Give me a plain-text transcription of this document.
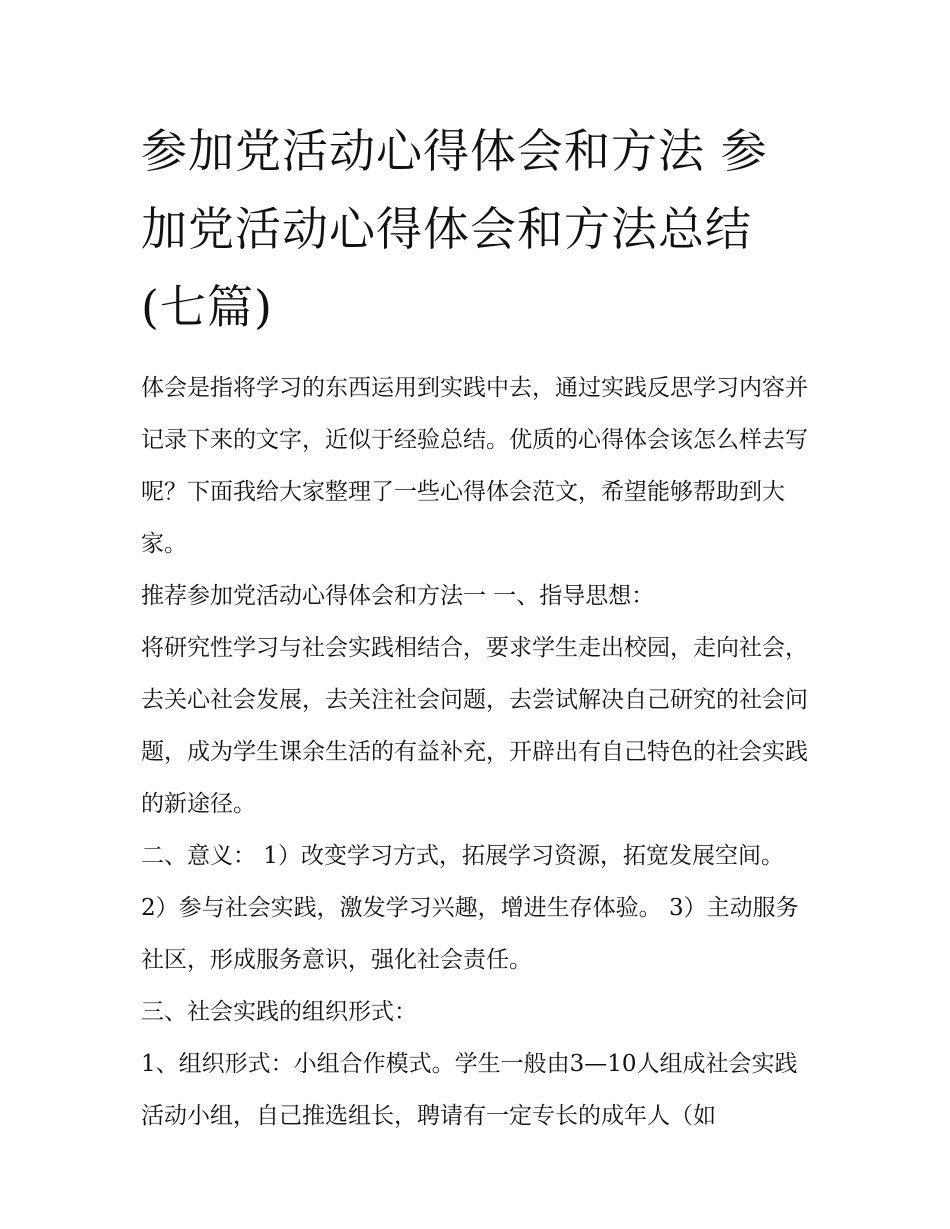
参加党活动心得体会和方法 参加党活动心得体会和方法总结(七篇)

体会是指将学习的东西运用到实践中去，通过实践反思学习内容并记录下来的文字，近似于经验总结。优质的心得体会该怎么样去写呢？下面我给大家整理了一些心得体会范文，希望能够帮助到大家。

推荐参加党活动心得体会和方法一 一、指导思想：

将研究性学习与社会实践相结合，要求学生走出校园，走向社会，去关心社会发展，去关注社会问题，去尝试解决自己研究的社会问题，成为学生课余生活的有益补充，开辟出有自己特色的社会实践的新途径。

二、意义： 1）改变学习方式，拓展学习资源，拓宽发展空间。 2）参与社会实践，激发学习兴趣，增进生存体验。 3）主动服务社区，形成服务意识，强化社会责任。

三、社会实践的组织形式：

1、组织形式：小组合作模式。学生一般由3—10人组成社会实践活动小组，自己推选组长，聘请有一定专长的成年人（如
